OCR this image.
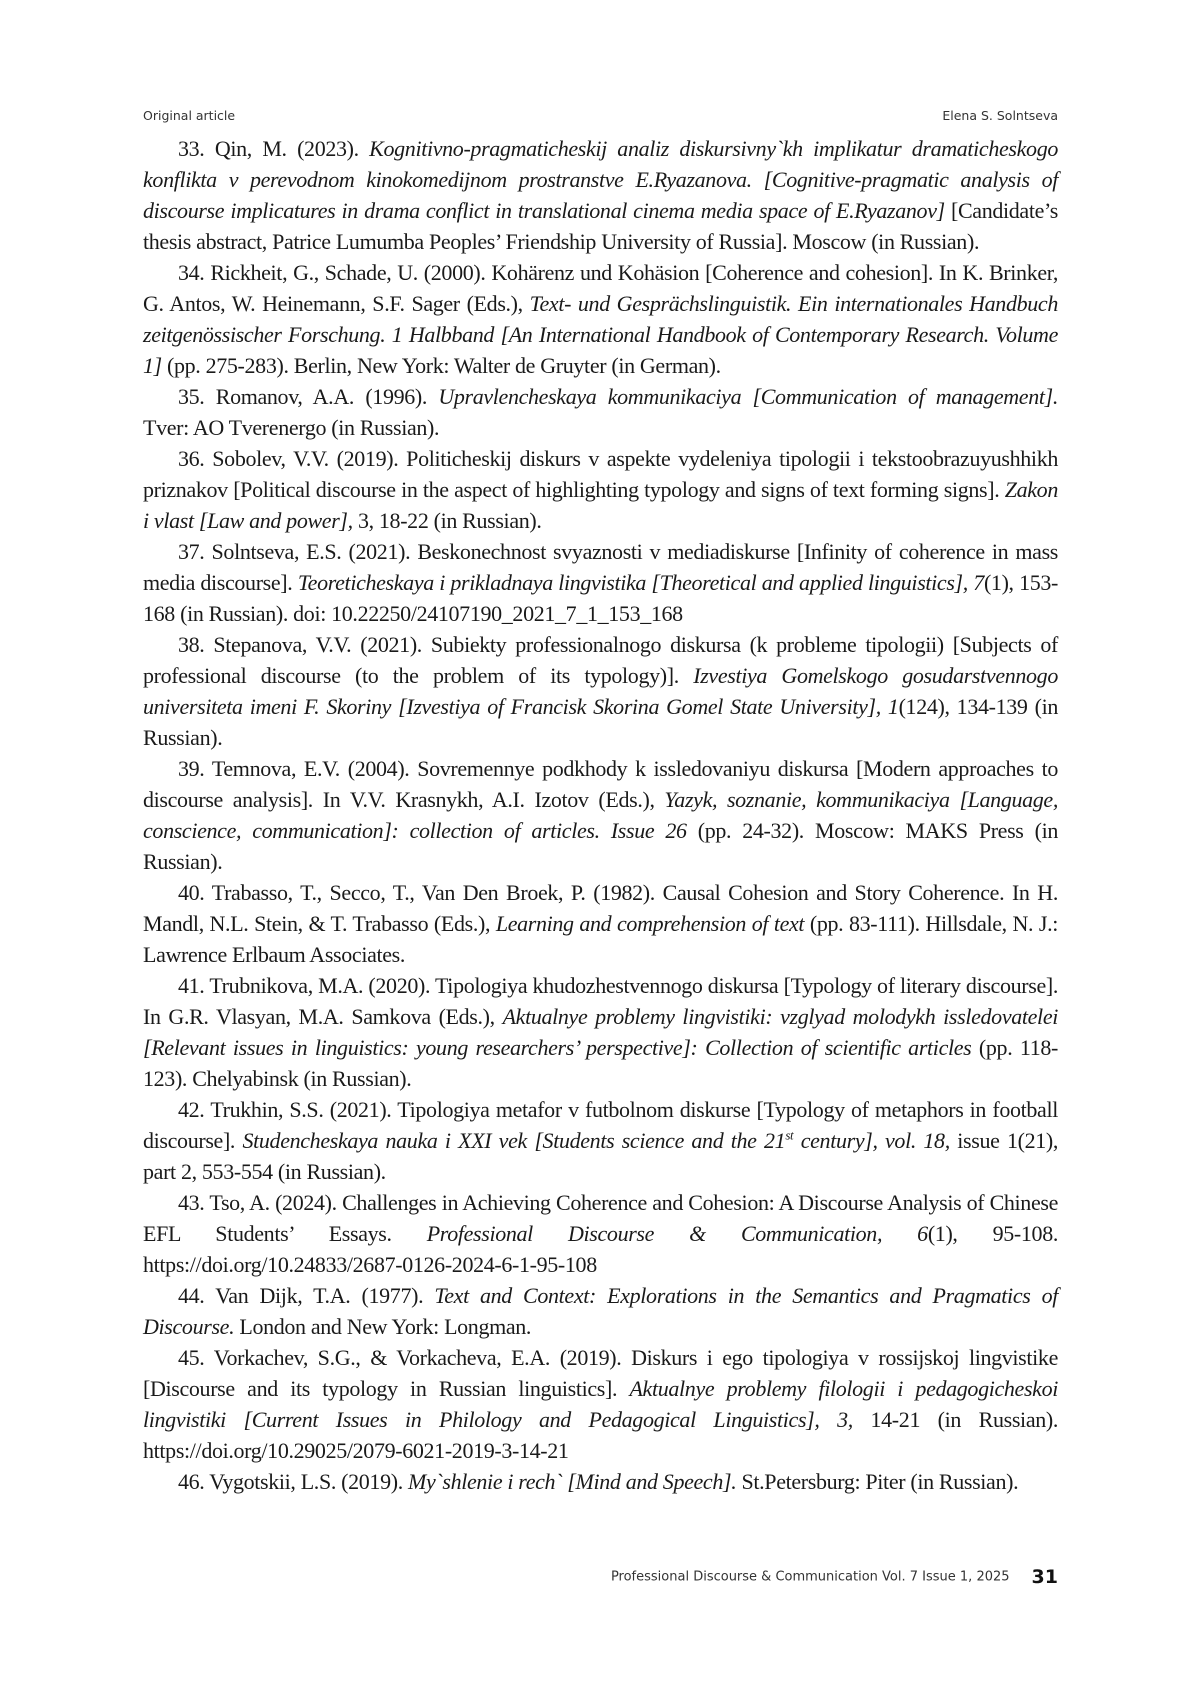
Original article	Elena S. Solntseva

33. Qin, M. (2023). Kognitivno-pragmaticheskij analiz diskursivny`kh implikatur dramaticheskogo konflikta v perevodnom kinokomedijnom prostranstve E.Ryazanova. [Cognitive-pragmatic analysis of discourse implicatures in drama conflict in translational cinema media space of E.Ryazanov] [Candidate’s thesis abstract, Patrice Lumumba Peoples’ Friendship University of Russia]. Moscow (in Russian).

34. Rickheit, G., Schade, U. (2000). Kohärenz und Kohäsion [Coherence and cohesion]. In K. Brinker, G. Antos, W. Heinemann, S.F. Sager (Eds.), Text- und Gesprächslinguistik. Ein internationales Handbuch zeitgenössischer Forschung. 1 Halbband [An International Handbook of Contemporary Research. Volume 1] (pp. 275-283). Berlin, New York: Walter de Gruyter (in German).

35. Romanov, A.A. (1996). Upravlencheskaya kommunikaciya [Communication of management]. Tver: AO Tverenergo (in Russian).

36. Sobolev, V.V. (2019). Politicheskij diskurs v aspekte vydeleniya tipologii i tekstoobrazuyushhikh priznakov [Political discourse in the aspect of highlighting typology and signs of text forming signs]. Zakon i vlast [Law and power], 3, 18-22 (in Russian).

37. Solntseva, E.S. (2021). Beskonechnost svyaznosti v mediadiskurse [Infinity of coherence in mass media discourse]. Teoreticheskaya i prikladnaya lingvistika [Theoretical and applied linguistics], 7(1), 153-168 (in Russian). doi: 10.22250/24107190_2021_7_1_153_168

38. Stepanova, V.V. (2021). Subiekty professionalnogo diskursa (k probleme tipologii) [Subjects of professional discourse (to the problem of its typology)]. Izvestiya Gomelskogo gosudarstvennogo universiteta imeni F. Skoriny [Izvestiya of Francisk Skorina Gomel State University], 1(124), 134-139 (in Russian).

39. Temnova, E.V. (2004). Sovremennye podkhody k issledovaniyu diskursa [Modern approaches to discourse analysis]. In V.V. Krasnykh, A.I. Izotov (Eds.), Yazyk, soznanie, kommunikaciya [Language, conscience, communication]: collection of articles. Issue 26 (pp. 24-32). Moscow: MAKS Press (in Russian).

40. Trabasso, T., Secco, T., Van Den Broek, P. (1982). Causal Cohesion and Story Coherence. In H. Mandl, N.L. Stein, & T. Trabasso (Eds.), Learning and comprehension of text (pp. 83-111). Hillsdale, N. J.: Lawrence Erlbaum Associates.

41. Trubnikova, M.A. (2020). Tipologiya khudozhestvennogo diskursa [Typology of literary discourse]. In G.R. Vlasyan, M.A. Samkova (Eds.), Aktualnye problemy lingvistiki: vzglyad molodykh issledovatelei [Relevant issues in linguistics: young researchers’ perspective]: Collection of scientific articles (pp. 118-123). Chelyabinsk (in Russian).

42. Trukhin, S.S. (2021). Tipologiya metafor v futbolnom diskurse [Typology of metaphors in football discourse]. Studencheskaya nauka i XXI vek [Students science and the 21st century], vol. 18, issue 1(21), part 2, 553-554 (in Russian).

43. Tso, A. (2024). Challenges in Achieving Coherence and Cohesion: A Discourse Analysis of Chinese EFL Students’ Essays. Professional Discourse & Communication, 6(1), 95-108. https://doi.org/10.24833/2687-0126-2024-6-1-95-108

44. Van Dijk, T.A. (1977). Text and Context: Explorations in the Semantics and Pragmatics of Discourse. London and New York: Longman.

45. Vorkachev, S.G., & Vorkacheva, E.A. (2019). Diskurs i ego tipologiya v rossijskoj lingvistike [Discourse and its typology in Russian linguistics]. Aktualnye problemy filologii i pedagogicheskoi lingvistiki [Current Issues in Philology and Pedagogical Linguistics], 3, 14-21 (in Russian). https://doi.org/10.29025/2079-6021-2019-3-14-21

46. Vygotskii, L.S. (2019). My`shlenie i rech` [Mind and Speech]. St.Petersburg: Piter (in Russian).

Professional Discourse & Communication Vol. 7 Issue 1, 2025 31
